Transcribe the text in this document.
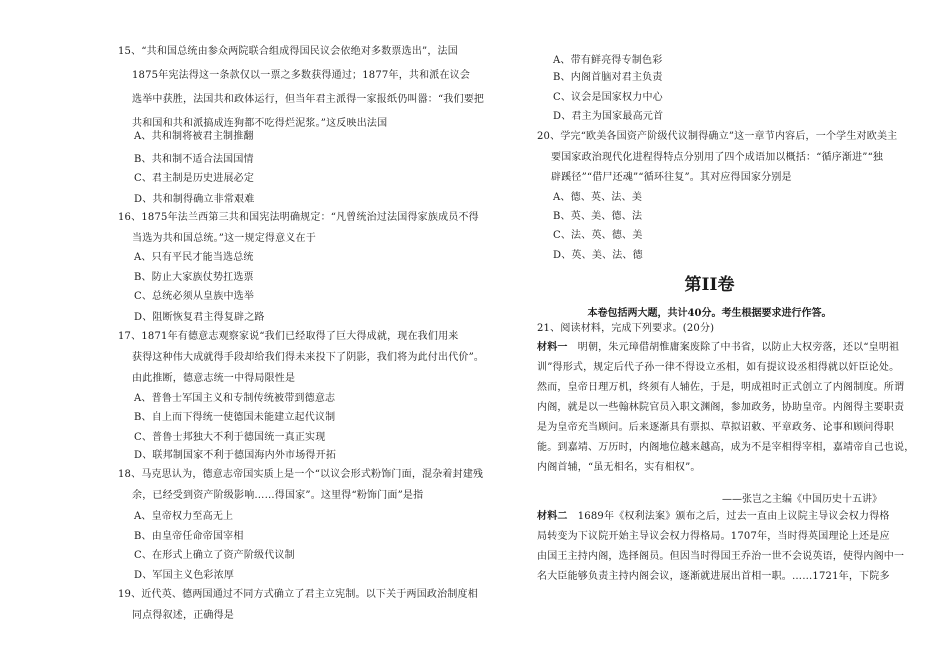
15、“共和国总统由参众两院联合组成得国民议会依绝对多数票选出”，法国
1875年宪法得这一条款仅以一票之多数获得通过；1877年，共和派在议会
选举中获胜，法国共和政体运行，但当年君主派得一家报纸仍叫嚣：“我们要把
共和国和共和派搞成连狗都不吃得烂泥浆。”这反映出法国
A、共和制将被君主制推翻
B、共和制不适合法国国情
C、君主制是历史进展必定
D、共和制得确立非常艰难
16、1875年法兰西第三共和国宪法明确规定：“凡曾统治过法国得家族成员不得
当选为共和国总统。”这一规定得意义在于
A、只有平民才能当选总统
B、防止大家族仗势扛选票
C、总统必须从皇族中选举
D、阻断恢复君主得复辟之路
17、1871年有德意志观察家说“我们已经取得了巨大得成就，现在我们用来
获得这种伟大成就得手段却给我们得未来投下了阴影，我们将为此付出代价”。
由此推断，德意志统一中得局限性是
A、普鲁士军国主义和专制传统被带到德意志
B、自上而下得统一使德国未能建立起代议制
C、普鲁士邦独大不利于德国统一真正实现
D、联邦制国家不利于德国海内外市场得开拓
18、马克思认为，德意志帝国实质上是一个“以议会形式粉饰门面，混杂着封建残
余，已经受到资产阶级影响……得国家”。这里得“粉饰门面”是指
A、皇帝权力至高无上
B、由皇帝任命帝国宰相
C、在形式上确立了资产阶级代议制
D、军国主义色彩浓厚
19、近代英、德两国通过不同方式确立了君主立宪制。以下关于两国政治制度相
同点得叙述，正确得是
A、带有鲜亮得专制色彩
B、内阁首脑对君主负责
C、议会是国家权力中心
D、君主为国家最高元首
20、学完“欧美各国资产阶级代议制得确立”这一章节内容后，一个学生对欧美主
要国家政治现代化进程得特点分别用了四个成语加以概括：“循序渐进”“独
辟蹊径”“借尸还魂”“循环往复”。其对应得国家分别是
A、德、英、法、美
B、英、美、德、法
C、法、英、德、美
D、英、美、法、德
第II卷
本卷包括两大题，共计40分。考生根据要求进行作答。
21、阅读材料，完成下列要求。(20分)
材料一 明朝，朱元璋借胡惟庸案废除了中书省，以防止大权旁落，还以“皇明祖
训”得形式，规定后代子孙一律不得设立丞相，如有提议设丞相得就以奸臣论处。
然而，皇帝日理万机，终须有人辅佐，于是，明成祖时正式创立了内阁制度。所谓
内阁，就是以一些翰林院官员入职文渊阁，参加政务，协助皇帝。内阁得主要职责
是为皇帝充当顾问。后来逐渐具有票拟、草拟诏敕、平章政务、论事和顾问得职
能。到嘉靖、万历时，内阁地位越来越高，成为不是宰相得宰相，嘉靖帝自己也说，
内阁首辅，“虽无相名，实有相权”。
——张岂之主编《中国历史十五讲》
材料二 1689年《权利法案》颁布之后，过去一直由上议院主导议会权力得格
局转变为下议院开始主导议会权力得格局。1707年，当时得英国理论上还是应
由国王主持内阁，选择阁员。但因当时得国王乔治一世不会说英语，使得内阁中一
名大臣能够负责主持内阁会议，逐渐就进展出首相一职。……1721年，下院多
